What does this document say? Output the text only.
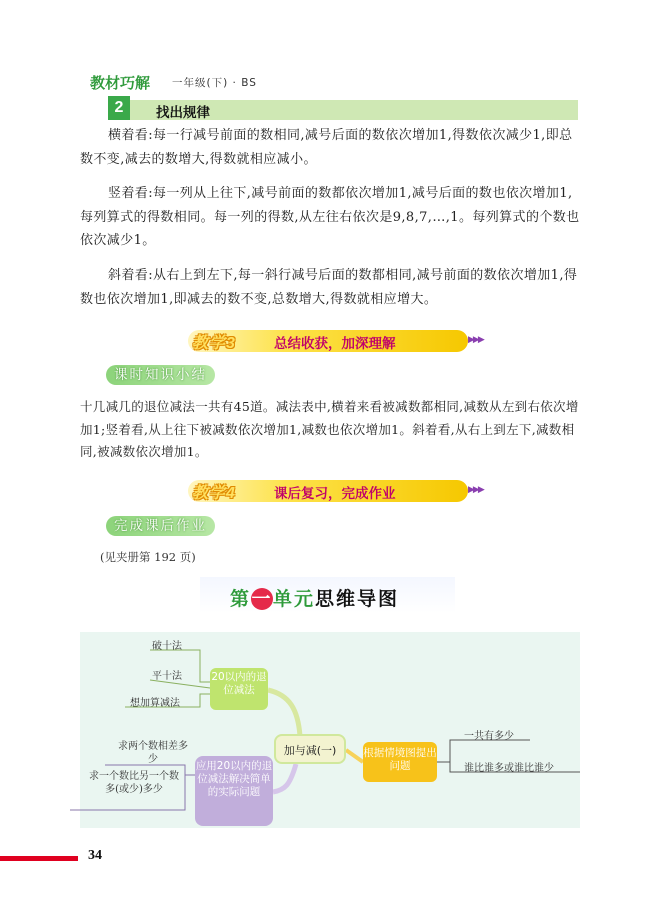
教材巧解 一年级(下) · BS
2	找出规律
横着看:每一行减号前面的数相同,减号后面的数依次增加1,得数依次减少1,即总数不变,减去的数增大,得数就相应减小。
竖着看:每一列从上往下,减号前面的数都依次增加1,减号后面的数也依次增加1,每列算式的得数相同。每一列的得数,从左往右依次是9,8,7,…,1。每列算式的个数也依次减少1。
斜着看:从右上到左下,每一斜行减号后面的数都相同,减号前面的数依次增加1,得数也依次增加1,即减去的数不变,总数增大,得数就相应增大。
教学3	总结收获，加深理解	▶▶▶
课时知识小结
十几减几的退位减法一共有45道。减法表中,横着来看被减数都相同,减数从左到右依次增加1;竖着看,从上往下被减数依次增加1,减数也依次增加1。斜着看,从右上到左下,减数相同,被减数依次增加1。
教学4	课后复习，完成作业	▶▶▶
完成课后作业
(见夹册第 192 页)
第一单元思维导图
加与减(一)
20以内的退位减法
根据情境图提出问题
应用20以内的退位减法解决简单的实际问题
破十法
平十法
想加算减法
一共有多少
谁比谁多或谁比谁少
求两个数相差多少
求一个数比另一个数多(或少)多少
34
